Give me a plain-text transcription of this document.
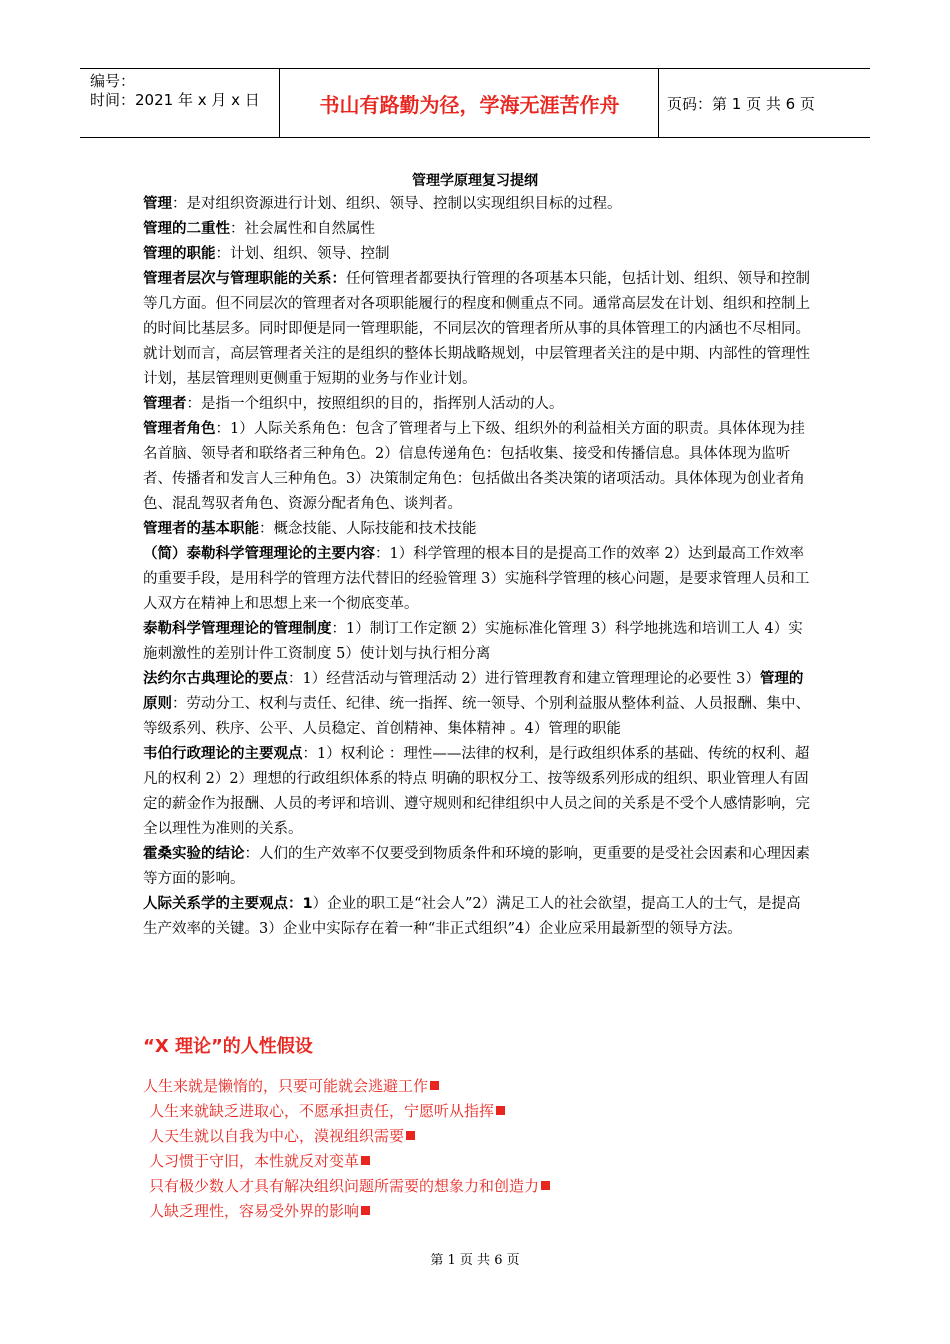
编号：
时间：2021 年 x 月 x 日	书山有路勤为径，学海无涯苦作舟	页码：第 1 页 共 6 页
管理学原理复习提纲

管理：是对组织资源进行计划、组织、领导、控制以实现组织目标的过程。

管理的二重性：社会属性和自然属性

管理的职能：计划、组织、领导、控制

管理者层次与管理职能的关系：任何管理者都要执行管理的各项基本只能，包括计划、组织、领导和控制等几方面。但不同层次的管理者对各项职能履行的程度和侧重点不同。通常高层发在计划、组织和控制上的时间比基层多。同时即便是同一管理职能，不同层次的管理者所从事的具体管理工的内涵也不尽相同。就计划而言，高层管理者关注的是组织的整体长期战略规划，中层管理者关注的是中期、内部性的管理性计划，基层管理则更侧重于短期的业务与作业计划。

管理者：是指一个组织中，按照组织的目的，指挥别人活动的人。

管理者角色：1）人际关系角色：包含了管理者与上下级、组织外的利益相关方面的职责。具体体现为挂名首脑、领导者和联络者三种角色。2）信息传递角色：包括收集、接受和传播信息。具体体现为监听者、传播者和发言人三种角色。3）决策制定角色：包括做出各类决策的诸项活动。具体体现为创业者角色、混乱驾驭者角色、资源分配者角色、谈判者。

管理者的基本职能：概念技能、人际技能和技术技能

（简）泰勒科学管理理论的主要内容：1）科学管理的根本目的是提高工作的效率 2）达到最高工作效率的重要手段，是用科学的管理方法代替旧的经验管理 3）实施科学管理的核心问题，是要求管理人员和工人双方在精神上和思想上来一个彻底变革。

泰勒科学管理理论的管理制度：1）制订工作定额 2）实施标准化管理 3）科学地挑选和培训工人 4）实施刺激性的差别计件工资制度 5）使计划与执行相分离

法约尔古典理论的要点：1）经营活动与管理活动 2）进行管理教育和建立管理理论的必要性 3）管理的原则：劳动分工、权利与责任、纪律、统一指挥、统一领导、个别利益服从整体利益、人员报酬、集中、等级系列、秩序、公平、人员稳定、首创精神、集体精神 。4）管理的职能

韦伯行政理论的主要观点：1）权利论 ：理性——法律的权利，是行政组织体系的基础、传统的权利、超凡的权利 2）2）理想的行政组织体系的特点 明确的职权分工、按等级系列形成的组织、职业管理人有固定的薪金作为报酬、人员的考评和培训、遵守规则和纪律组织中人员之间的关系是不受个人感情影响，完全以理性为准则的关系。

霍桑实验的结论：人们的生产效率不仅要受到物质条件和环境的影响，更重要的是受社会因素和心理因素等方面的影响。

人际关系学的主要观点：1）企业的职工是“社会人”2）满足工人的社会欲望，提高工人的士气，是提高生产效率的关键。3）企业中实际存在着一种“非正式组织”4）企业应采用最新型的领导方法。

“X 理论”的人性假设
人生来就是懒惰的，只要可能就会逃避工作
人生来就缺乏进取心，不愿承担责任，宁愿听从指挥
人天生就以自我为中心，漠视组织需要
人习惯于守旧，本性就反对变革
只有极少数人才具有解决组织问题所需要的想象力和创造力
人缺乏理性，容易受外界的影响
第 1 页 共 6 页
